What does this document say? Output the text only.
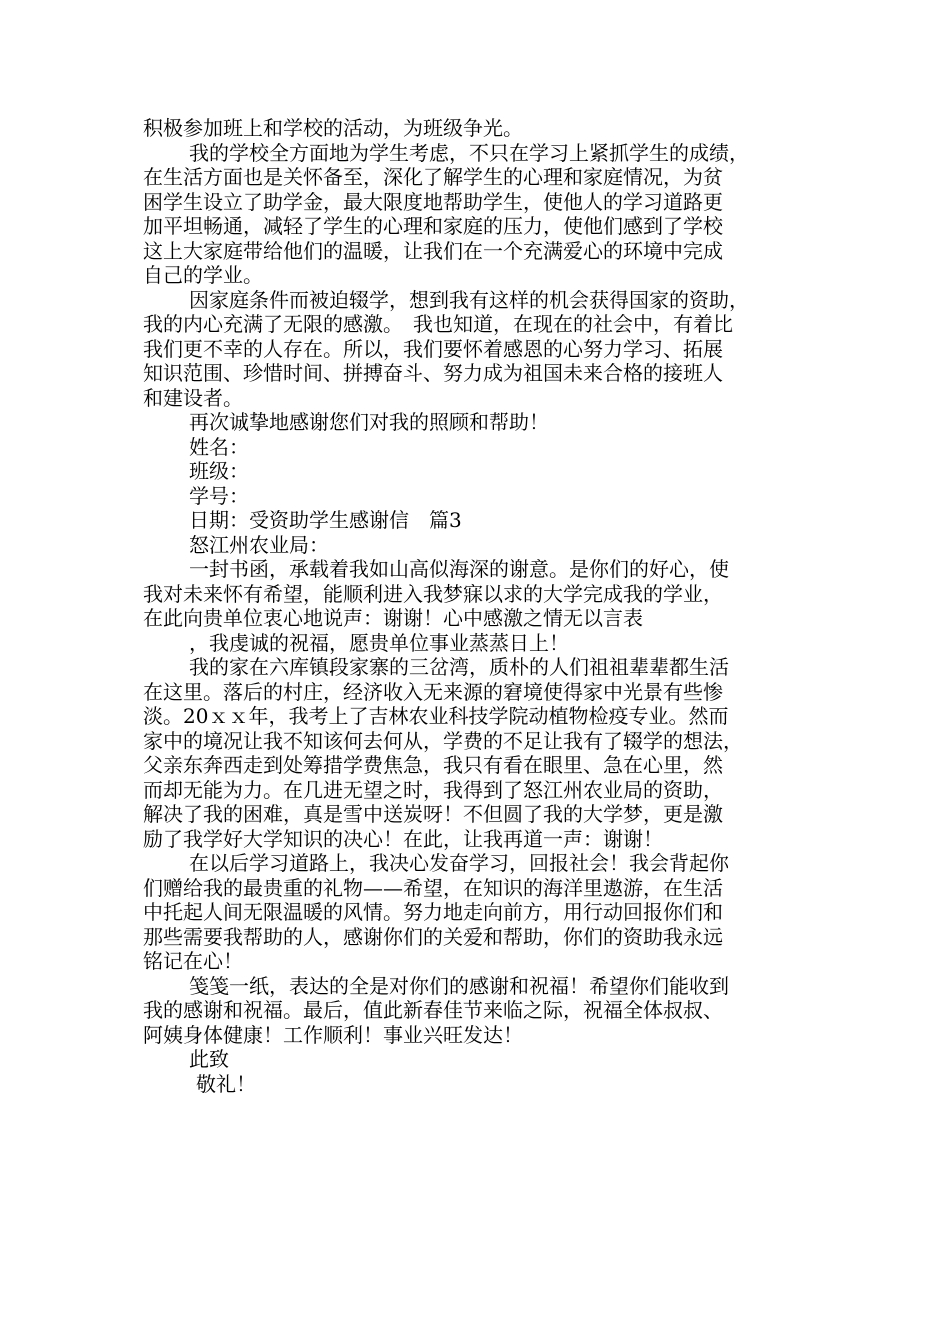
积极参加班上和学校的活动，为班级争光。
我的学校全方面地为学生考虑，不只在学习上紧抓学生的成绩，
在生活方面也是关怀备至，深化了解学生的心理和家庭情况，为贫
困学生设立了助学金，最大限度地帮助学生，使他人的学习道路更
加平坦畅通，减轻了学生的心理和家庭的压力，使他们感到了学校
这上大家庭带给他们的温暖，让我们在一个充满爱心的环境中完成
自己的学业。
因家庭条件而被迫辍学，想到我有这样的机会获得国家的资助，
我的内心充满了无限的感激。　我也知道，在现在的社会中，有着比
我们更不幸的人存在。所以，我们要怀着感恩的心努力学习、拓展
知识范围、珍惜时间、拼搏奋斗、努力成为祖国未来合格的接班人
和建设者。
再次诚挚地感谢您们对我的照顾和帮助！
姓名：
班级：
学号：
日期：受资助学生感谢信　篇3
怒江州农业局：
一封书函，承载着我如山高似海深的谢意。是你们的好心，使
我对未来怀有希望，能顺利进入我梦寐以求的大学完成我的学业，
在此向贵单位衷心地说声：谢谢！心中感激之情无以言表
，我虔诚的祝福，愿贵单位事业蒸蒸日上！
我的家在六库镇段家寨的三岔湾，质朴的人们祖祖辈辈都生活
在这里。落后的村庄，经济收入无来源的窘境使得家中光景有些惨
淡。20ｘｘ年，我考上了吉林农业科技学院动植物检疫专业。然而
家中的境况让我不知该何去何从，学费的不足让我有了辍学的想法，
父亲东奔西走到处筹措学费焦急，我只有看在眼里、急在心里，然
而却无能为力。在几进无望之时，我得到了怒江州农业局的资助，
解决了我的困难，真是雪中送炭呀！不但圆了我的大学梦，更是激
励了我学好大学知识的决心！在此，让我再道一声：谢谢！
在以后学习道路上，我决心发奋学习，回报社会！我会背起你
们赠给我的最贵重的礼物——希望，在知识的海洋里遨游，在生活
中托起人间无限温暖的风情。努力地走向前方，用行动回报你们和
那些需要我帮助的人，感谢你们的关爱和帮助，你们的资助我永远
铭记在心！
笺笺一纸，表达的全是对你们的感谢和祝福！希望你们能收到
我的感谢和祝福。最后，值此新春佳节来临之际，祝福全体叔叔、
阿姨身体健康！工作顺利！事业兴旺发达！
此致
敬礼！
